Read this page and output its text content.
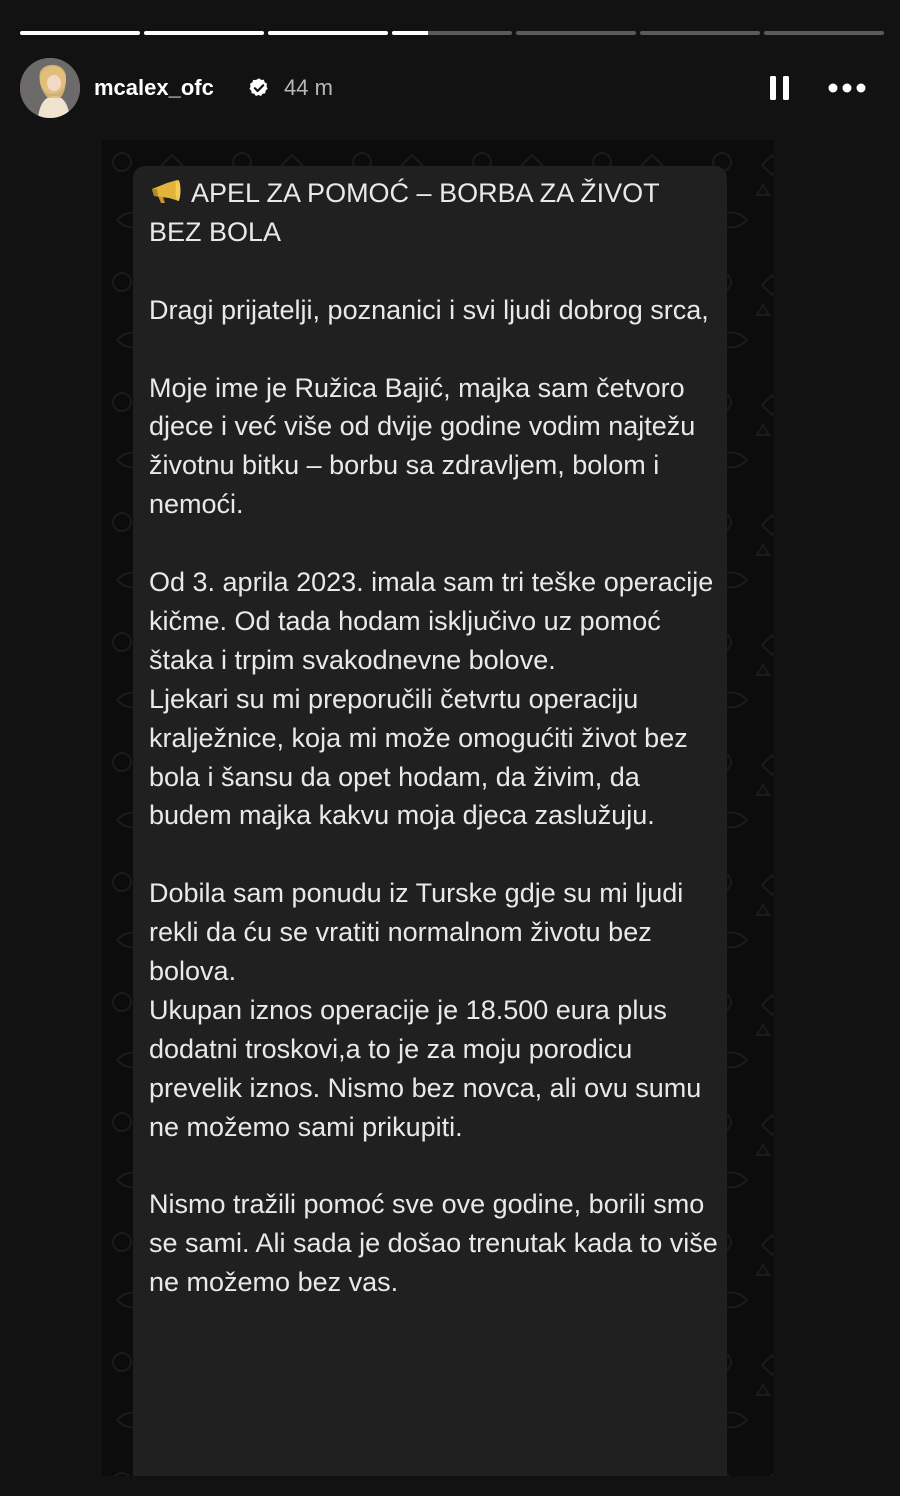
mcalex_ofc	44 m
APEL ZA POMOĆ – BORBA ZA ŽIVOT BEZ BOLA
Dragi prijatelji, poznanici i svi ljudi dobrog srca,
Moje ime je Ružica Bajić, majka sam četvoro djece i već više od dvije godine vodim najtežu životnu bitku – borbu sa zdravljem, bolom i nemoći.
Od 3. aprila 2023. imala sam tri teške operacije kičme. Od tada hodam isključivo uz pomoć štaka i trpim svakodnevne bolove.
Ljekari su mi preporučili četvrtu operaciju kralježnice, koja mi može omogućiti život bez bola i šansu da opet hodam, da živim, da budem majka kakvu moja djeca zaslužuju.
Dobila sam ponudu iz Turske gdje su mi ljudi rekli da ću se vratiti normalnom životu bez bolova.
Ukupan iznos operacije je 18.500 eura plus dodatni troskovi,a to je za moju porodicu prevelik iznos. Nismo bez novca, ali ovu sumu ne možemo sami prikupiti.
Nismo tražili pomoć sve ove godine, borili smo se sami. Ali sada je došao trenutak kada to više ne možemo bez vas.
